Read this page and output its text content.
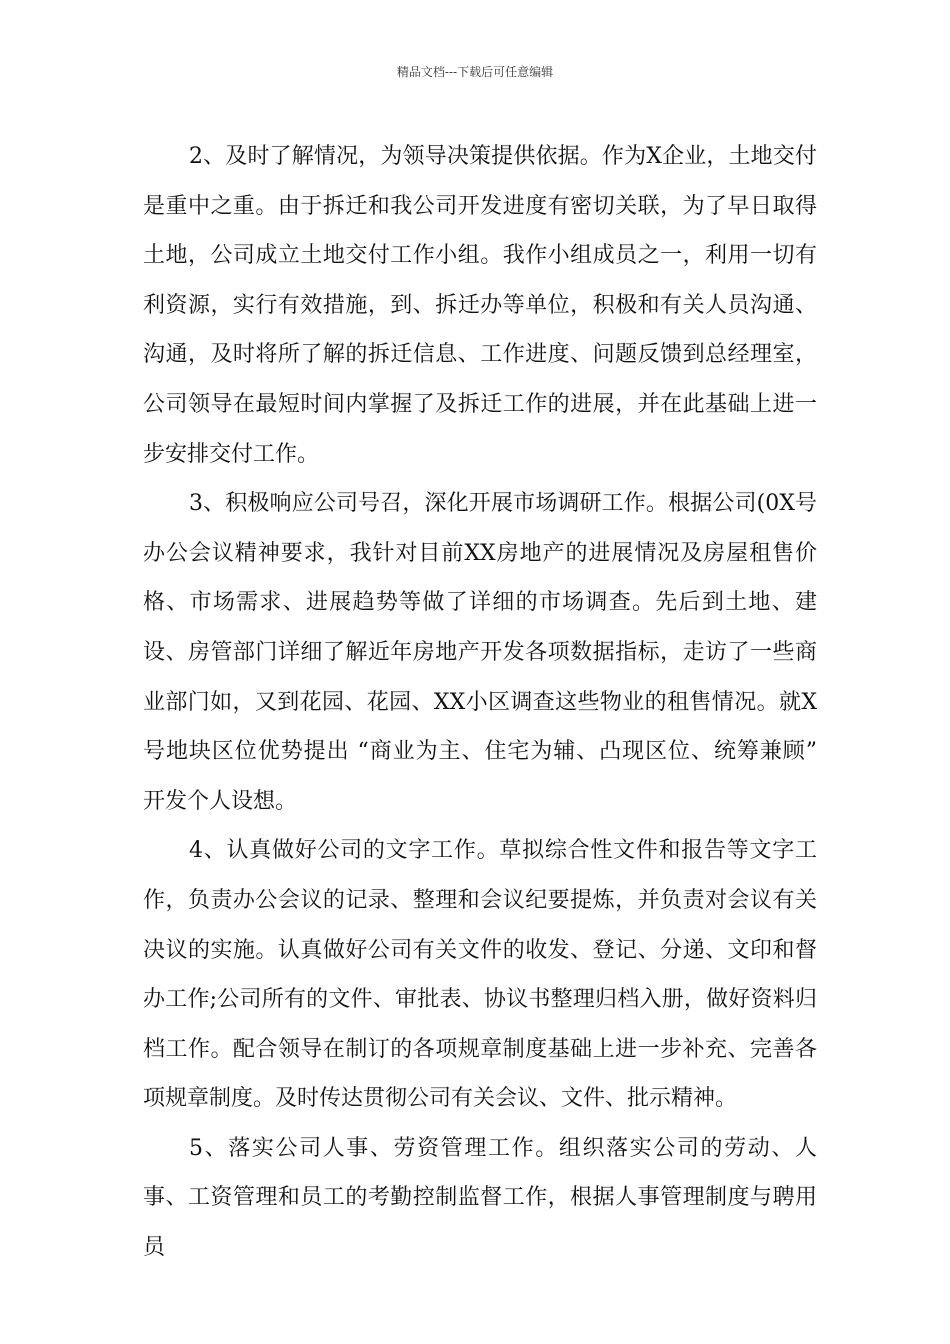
精品文档---下载后可任意编辑

2、及时了解情况，为领导决策提供依据。作为X企业，土地交付是重中之重。由于拆迁和我公司开发进度有密切关联，为了早日取得土地，公司成立土地交付工作小组。我作小组成员之一，利用一切有利资源，实行有效措施，到、拆迁办等单位，积极和有关人员沟通、沟通，及时将所了解的拆迁信息、工作进度、问题反馈到总经理室，公司领导在最短时间内掌握了及拆迁工作的进展，并在此基础上进一步安排交付工作。

3、积极响应公司号召，深化开展市场调研工作。根据公司(0X号办公会议精神要求，我针对目前XX房地产的进展情况及房屋租售价格、市场需求、进展趋势等做了详细的市场调查。先后到土地、建设、房管部门详细了解近年房地产开发各项数据指标，走访了一些商业部门如，又到花园、花园、XX小区调查这些物业的租售情况。就X号地块区位优势提出 “商业为主、住宅为辅、凸现区位、统筹兼顾” 开发个人设想。

4、认真做好公司的文字工作。草拟综合性文件和报告等文字工作，负责办公会议的记录、整理和会议纪要提炼，并负责对会议有关决议的实施。认真做好公司有关文件的收发、登记、分递、文印和督办工作;公司所有的文件、审批表、协议书整理归档入册，做好资料归档工作。配合领导在制订的各项规章制度基础上进一步补充、完善各项规章制度。及时传达贯彻公司有关会议、文件、批示精神。

5、落实公司人事、劳资管理工作。组织落实公司的劳动、人事、工资管理和员工的考勤控制监督工作，根据人事管理制度与聘用员
